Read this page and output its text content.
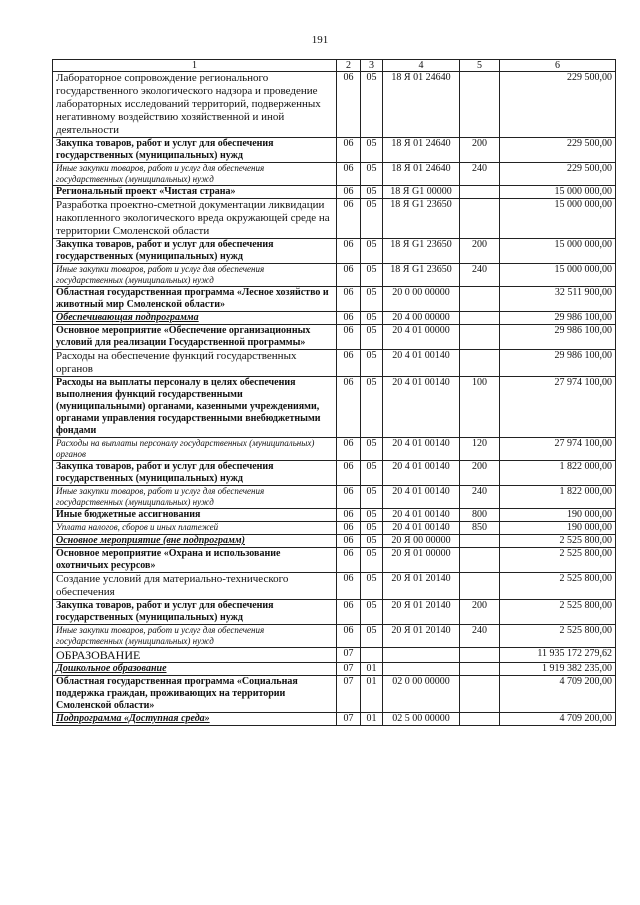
191
1	2	3	4	5	6
Лабораторное сопровождение регионального государственного экологического надзора и проведение лабораторных исследований территорий, подверженных негативному воздействию хозяйственной и иной деятельности	06	05	18 Я 01 24640		229 500,00
Закупка товаров, работ и услуг для обеспечения государственных (муниципальных) нужд	06	05	18 Я 01 24640	200	229 500,00
Иные закупки товаров, работ и услуг для обеспечения государственных (муниципальных) нужд	06	05	18 Я 01 24640	240	229 500,00
Региональный проект «Чистая страна»	06	05	18 Я G1 00000		15 000 000,00
Разработка проектно-сметной документации ликвидации накопленного экологического вреда окружающей среде на территории Смоленской области	06	05	18 Я G1 23650		15 000 000,00
Закупка товаров, работ и услуг для обеспечения государственных (муниципальных) нужд	06	05	18 Я G1 23650	200	15 000 000,00
Иные закупки товаров, работ и услуг для обеспечения государственных (муниципальных) нужд	06	05	18 Я G1 23650	240	15 000 000,00
Областная государственная программа «Лесное хозяйство и животный мир Смоленской области»	06	05	20 0 00 00000		32 511 900,00
Обеспечивающая подпрограмма	06	05	20 4 00 00000		29 986 100,00
Основное мероприятие «Обеспечение организационных условий для реализации Государственной программы»	06	05	20 4 01 00000		29 986 100,00
Расходы на обеспечение функций государственных органов	06	05	20 4 01 00140		29 986 100,00
Расходы на выплаты персоналу в целях обеспечения выполнения функций государственными (муниципальными) органами, казенными учреждениями, органами управления государственными внебюджетными фондами	06	05	20 4 01 00140	100	27 974 100,00
Расходы на выплаты персоналу государственных (муниципальных) органов	06	05	20 4 01 00140	120	27 974 100,00
Закупка товаров, работ и услуг для обеспечения государственных (муниципальных) нужд	06	05	20 4 01 00140	200	1 822 000,00
Иные закупки товаров, работ и услуг для обеспечения государственных (муниципальных) нужд	06	05	20 4 01 00140	240	1 822 000,00
Иные бюджетные ассигнования	06	05	20 4 01 00140	800	190 000,00
Уплата налогов, сборов и иных платежей	06	05	20 4 01 00140	850	190 000,00
Основное мероприятие (вне подпрограмм)	06	05	20 Я 00 00000		2 525 800,00
Основное мероприятие «Охрана и использование охотничьих ресурсов»	06	05	20 Я 01 00000		2 525 800,00
Создание условий для материально-технического обеспечения	06	05	20 Я 01 20140		2 525 800,00
Закупка товаров, работ и услуг для обеспечения государственных (муниципальных) нужд	06	05	20 Я 01 20140	200	2 525 800,00
Иные закупки товаров, работ и услуг для обеспечения государственных (муниципальных) нужд	06	05	20 Я 01 20140	240	2 525 800,00
ОБРАЗОВАНИЕ	07				11 935 172 279,62
Дошкольное образование	07	01			1 919 382 235,00
Областная государственная программа «Социальная поддержка граждан, проживающих на территории Смоленской области»	07	01	02 0 00 00000		4 709 200,00
Подпрограмма «Доступная среда»	07	01	02 5 00 00000		4 709 200,00
